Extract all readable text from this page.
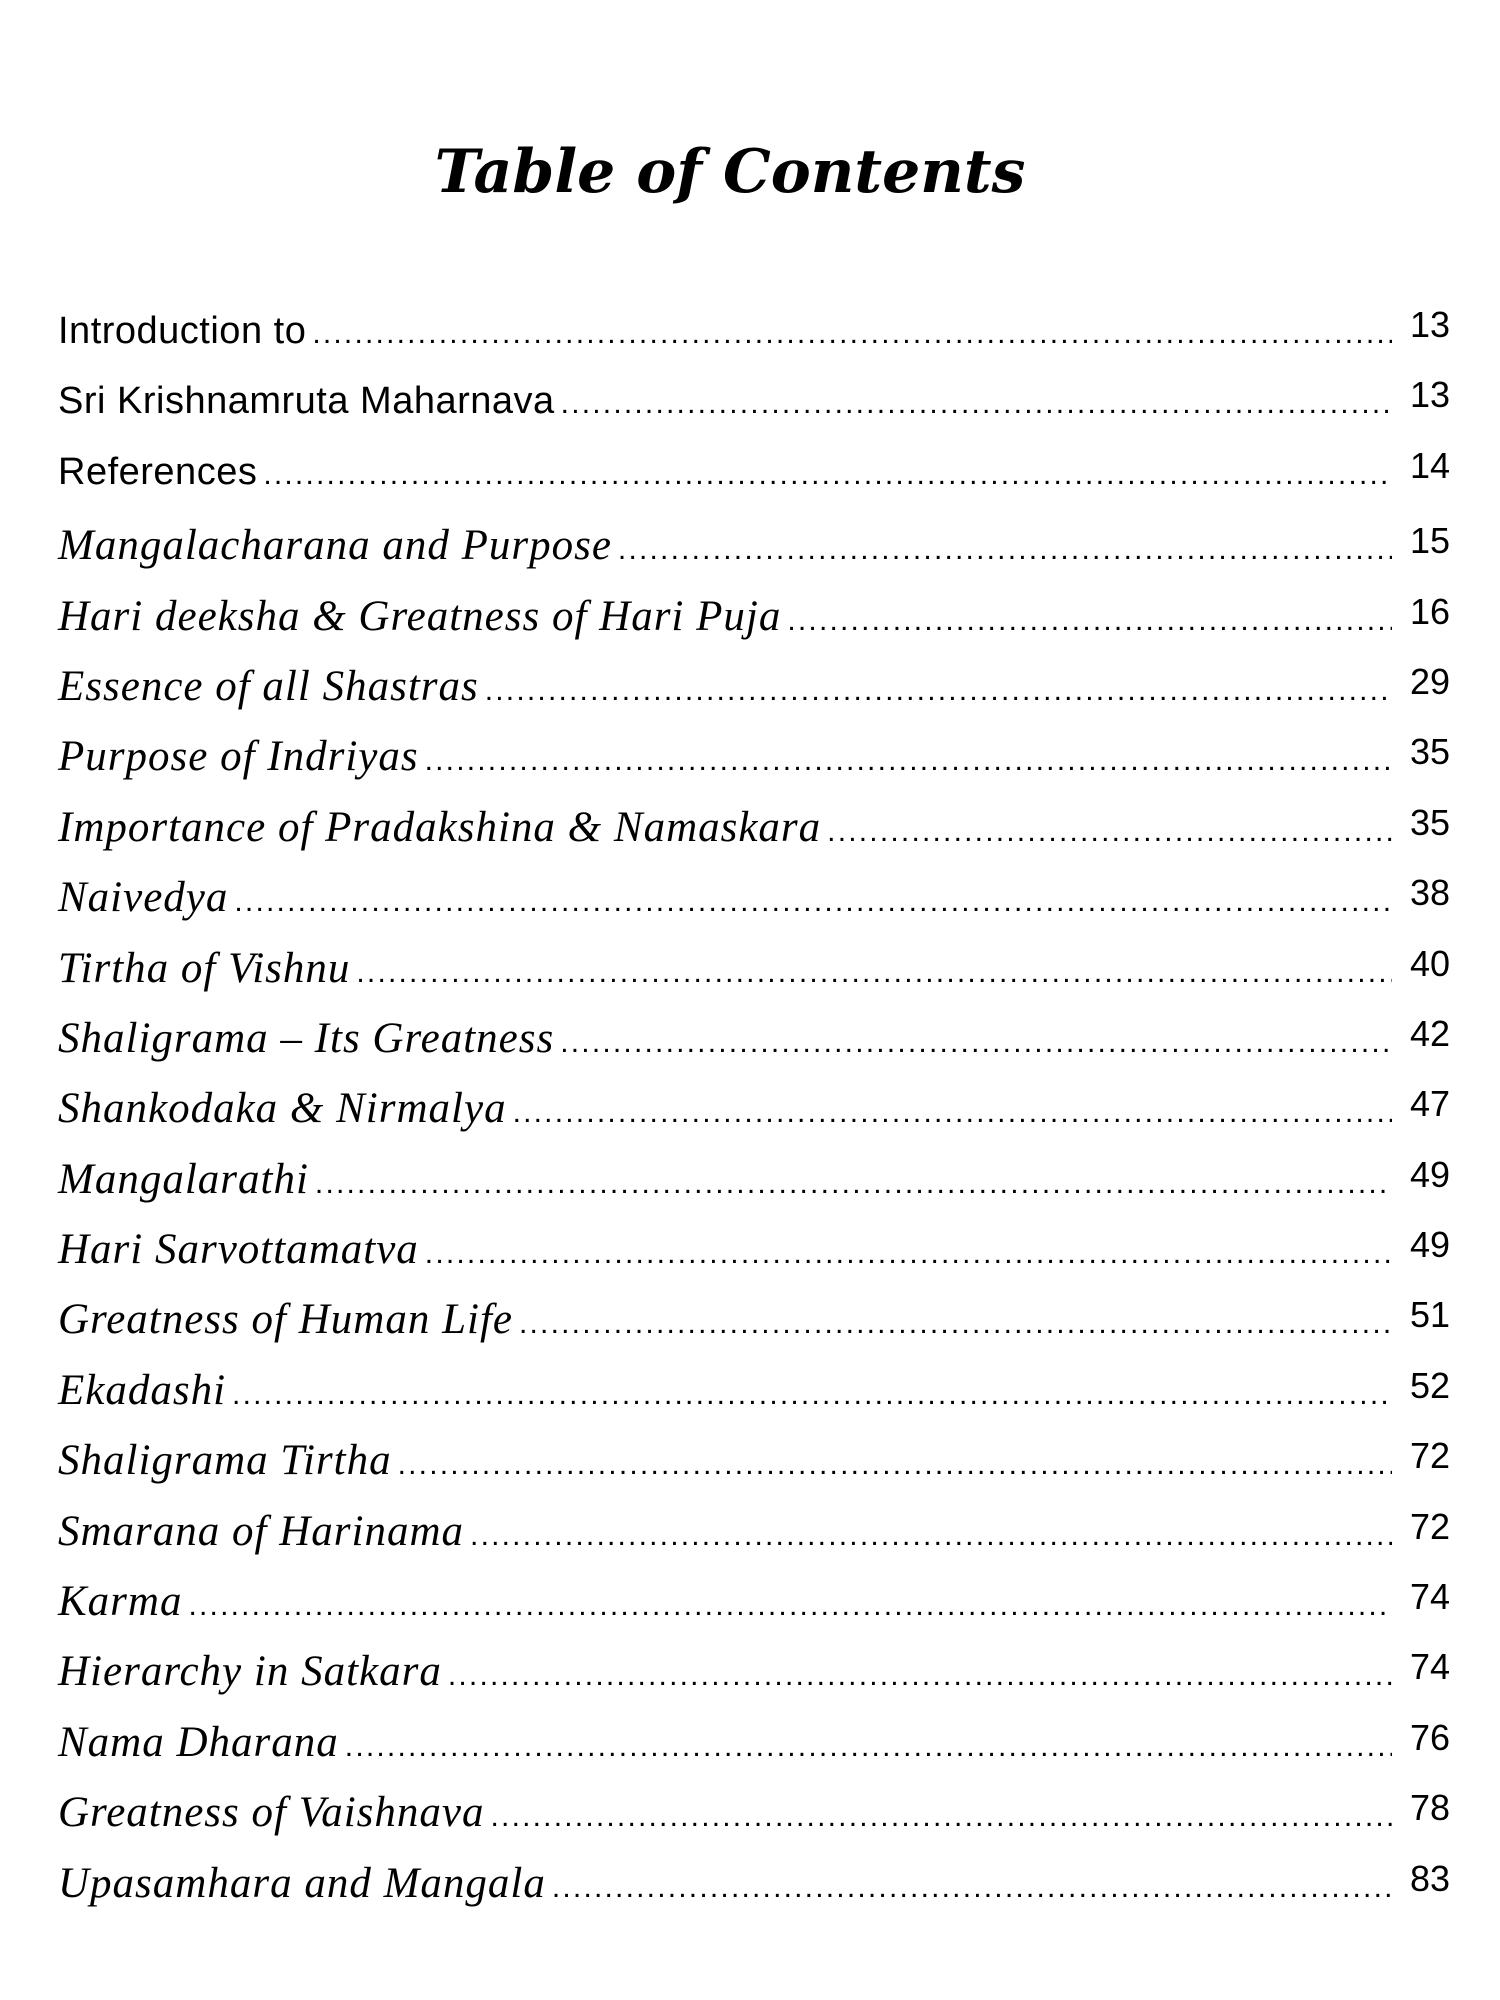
Table of Contents
Introduction to .....	13
Sri Krishnamruta Maharnava .....	13
References .....	14
Mangalacharana and Purpose .....	15
Hari deeksha & Greatness of Hari Puja .....	16
Essence of all Shastras .....	29
Purpose of Indriyas .....	35
Importance of Pradakshina & Namaskara .....	35
Naivedya .....	38
Tirtha of Vishnu .....	40
Shaligrama – Its Greatness .....	42
Shankodaka & Nirmalya .....	47
Mangalarathi .....	49
Hari Sarvottamatva .....	49
Greatness of Human Life .....	51
Ekadashi .....	52
Shaligrama Tirtha .....	72
Smarana of Harinama .....	72
Karma .....	74
Hierarchy in Satkara .....	74
Nama Dharana .....	76
Greatness of Vaishnava .....	78
Upasamhara and Mangala .....	83
